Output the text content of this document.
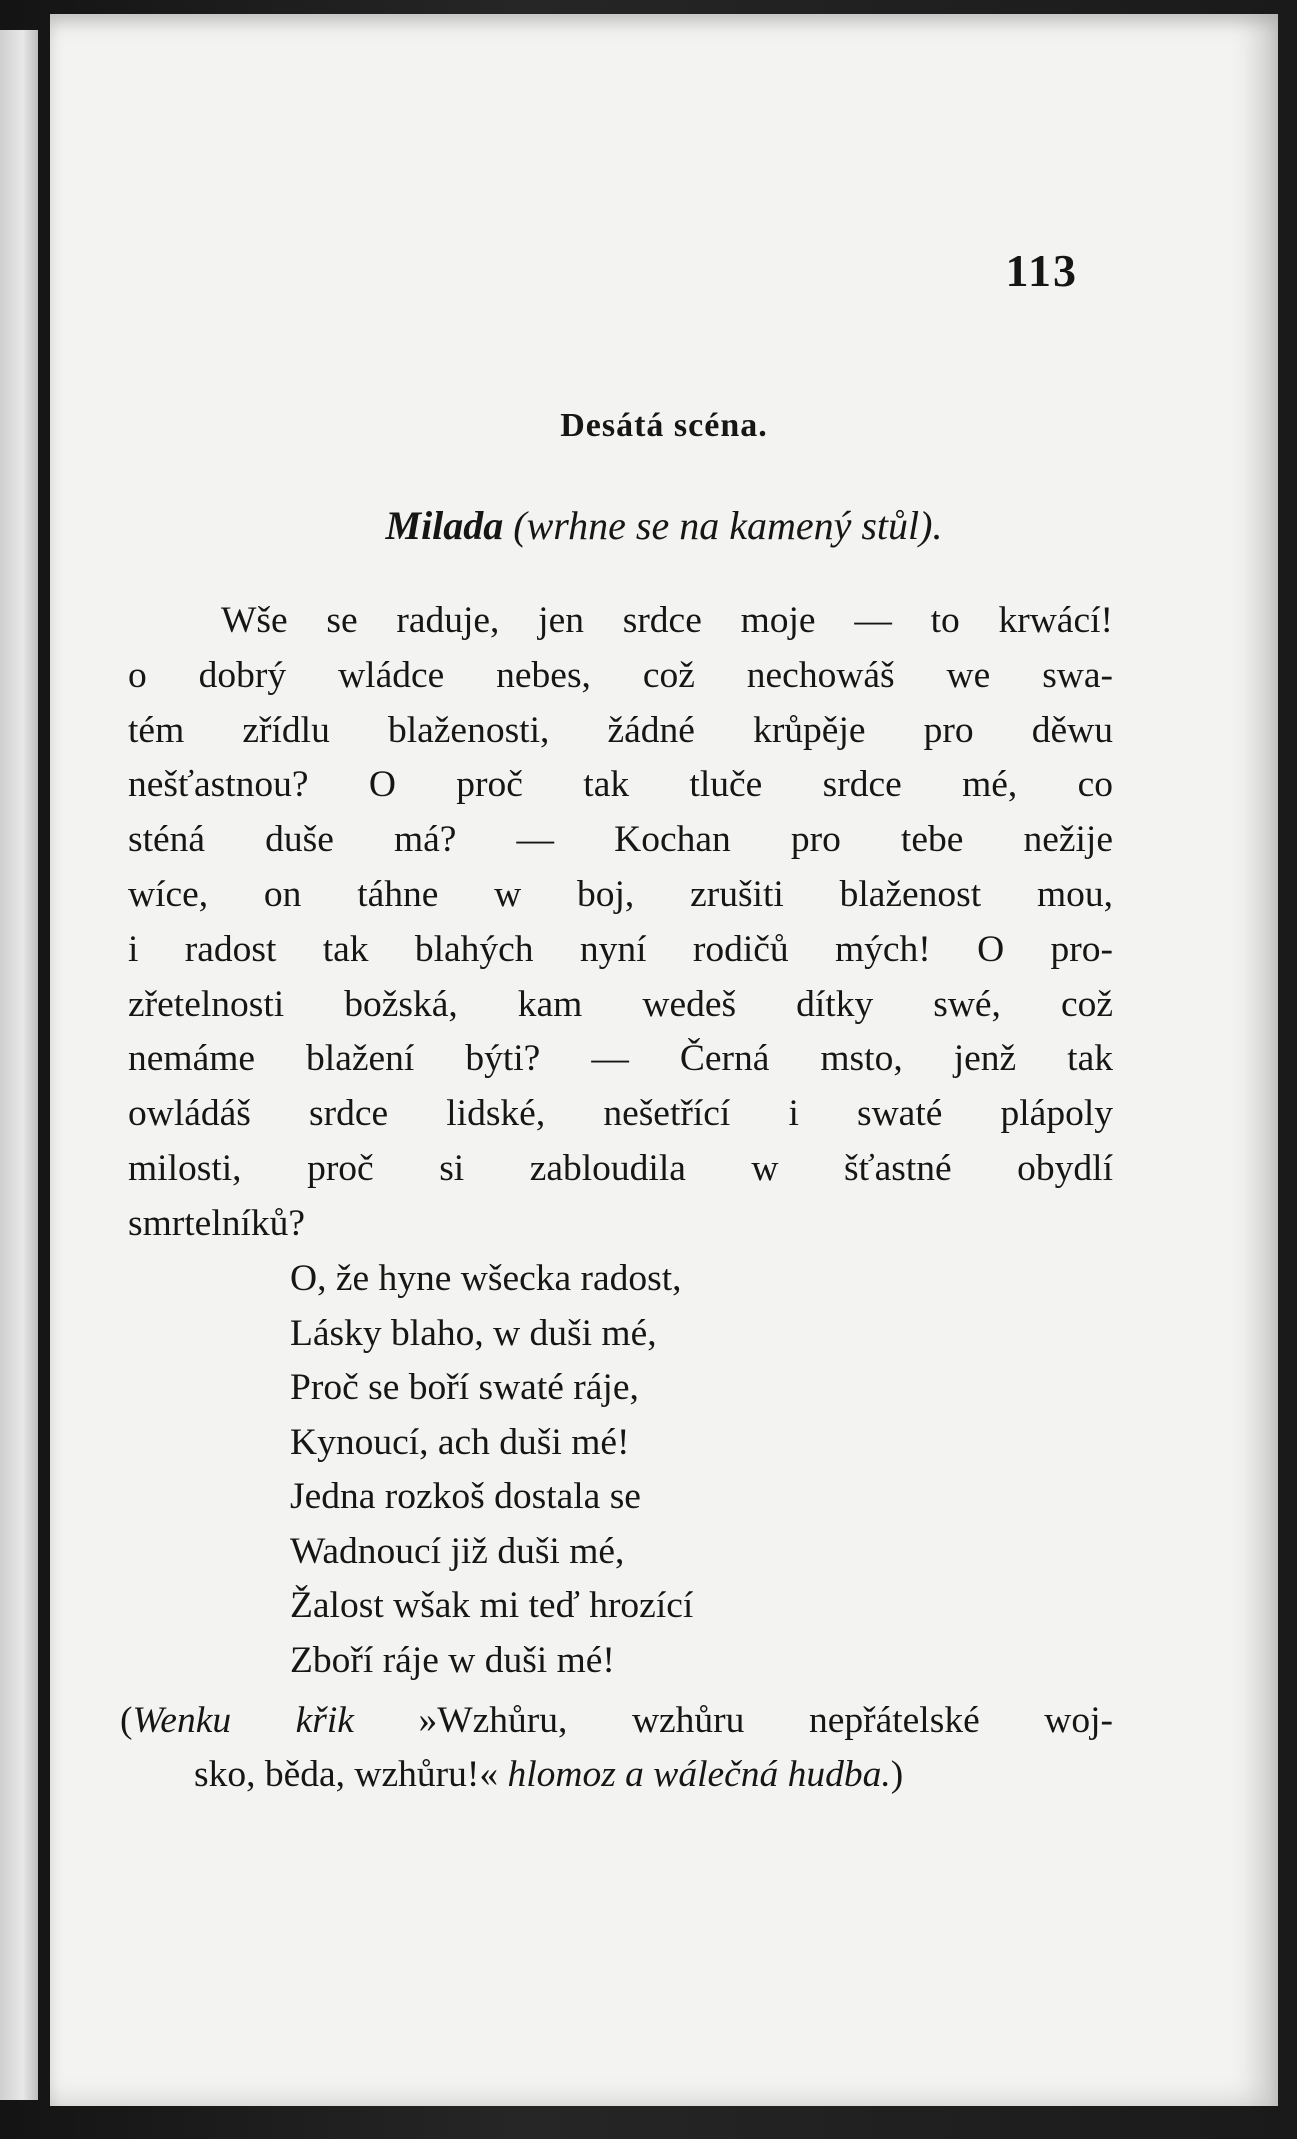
113
Desátá scéna.
Milada (wrhne se na kamený stůl).
Wše se raduje, jen srdce moje — to krwácí!
o dobrý wládce nebes, což nechowáš we swa-
tém zřídlu blaženosti, žádné krůpěje pro děwu
nešťastnou? O proč tak tluče srdce mé, co
sténá duše má? — Kochan pro tebe nežije
wíce, on táhne w boj, zrušiti blaženost mou,
i radost tak blahých nyní rodičů mých! O pro-
zřetelnosti božská, kam wedeš dítky swé, což
nemáme blažení býti? — Černá msto, jenž tak
owládáš srdce lidské, nešetřící i swaté plápoly
milosti, proč si zabloudila w šťastné obydlí
smrtelníků?
O, že hyne wšecka radost,
Lásky blaho, w duši mé,
Proč se boří swaté ráje,
Kynoucí, ach duši mé!
Jedna rozkoš dostala se
Wadnoucí již duši mé,
Žalost wšak mi teď hrozící
Zboří ráje w duši mé!
(Wenku křik »Wzhůru, wzhůru nepřátelské woj-
sko, běda, wzhůru!« hlomoz a wálečná hudba.)
